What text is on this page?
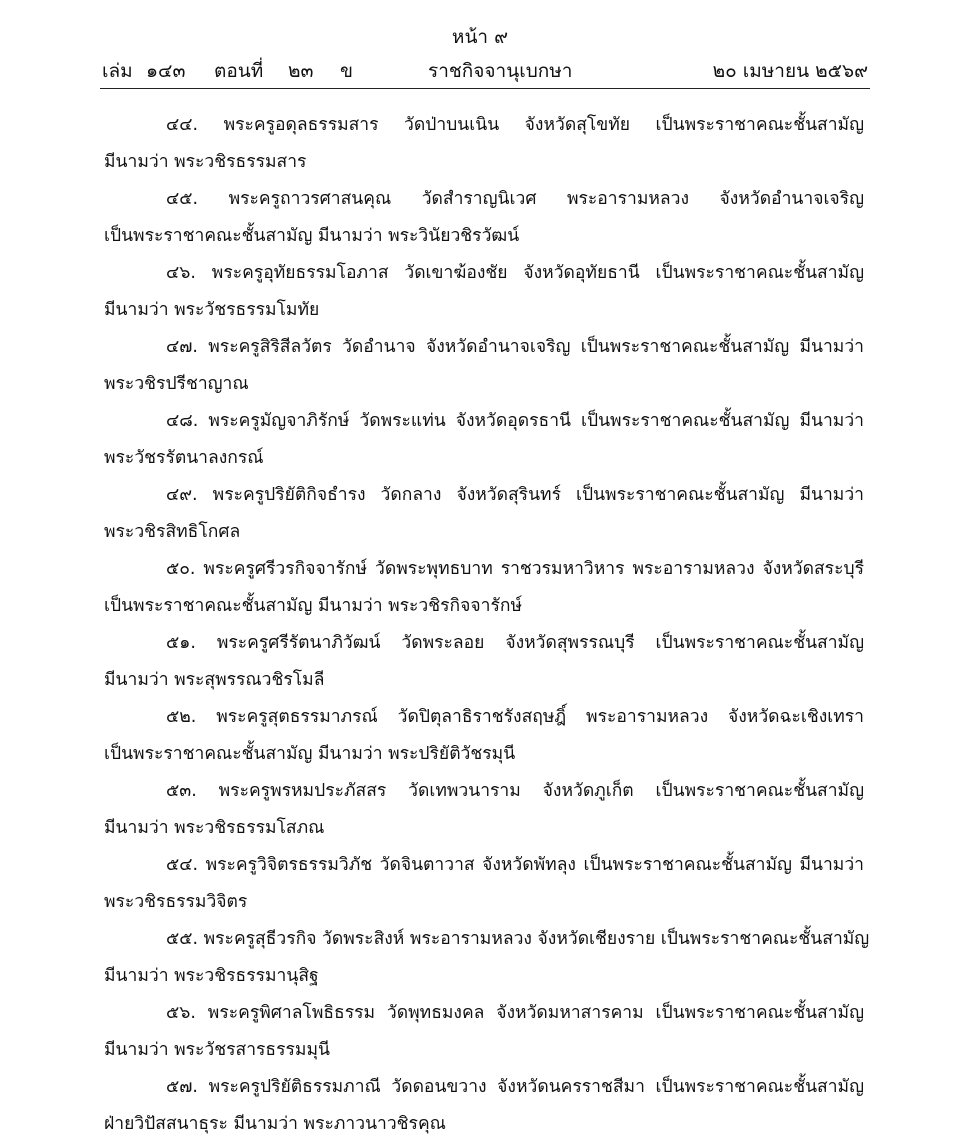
หน้า ๙
เล่ม ๑๔๓ ตอนที่ ๒๓ ข	ราชกิจจานุเบกษา	๒๐ เมษายน ๒๕๖๙
๔๔. พระครูอดุลธรรมสาร วัดป่าบนเนิน จังหวัดสุโขทัย เป็นพระราชาคณะชั้นสามัญ
มีนามว่า พระวชิรธรรมสาร
๔๕. พระครูถาวรศาสนคุณ วัดสำราญนิเวศ พระอารามหลวง จังหวัดอำนาจเจริญ
เป็นพระราชาคณะชั้นสามัญ มีนามว่า พระวินัยวชิรวัฒน์
๔๖. พระครูอุทัยธรรมโอภาส วัดเขาฆ้องชัย จังหวัดอุทัยธานี เป็นพระราชาคณะชั้นสามัญ
มีนามว่า พระวัชรธรรมโมทัย
๔๗. พระครูสิริสีลวัตร วัดอำนาจ จังหวัดอำนาจเจริญ เป็นพระราชาคณะชั้นสามัญ มีนามว่า
พระวชิรปรีชาญาณ
๔๘. พระครูมัญจาภิรักษ์ วัดพระแท่น จังหวัดอุดรธานี เป็นพระราชาคณะชั้นสามัญ มีนามว่า
พระวัชรรัตนาลงกรณ์
๔๙. พระครูปริยัติกิจธำรง วัดกลาง จังหวัดสุรินทร์ เป็นพระราชาคณะชั้นสามัญ มีนามว่า
พระวชิรสิทธิโกศล
๕๐. พระครูศรีวรกิจจารักษ์ วัดพระพุทธบาท ราชวรมหาวิหาร พระอารามหลวง จังหวัดสระบุรี
เป็นพระราชาคณะชั้นสามัญ มีนามว่า พระวชิรกิจจารักษ์
๕๑. พระครูศรีรัตนาภิวัฒน์ วัดพระลอย จังหวัดสุพรรณบุรี เป็นพระราชาคณะชั้นสามัญ
มีนามว่า พระสุพรรณวชิรโมลี
๕๒. พระครูสุตธรรมาภรณ์ วัดปิตุลาธิราชรังสฤษฎิ์ พระอารามหลวง จังหวัดฉะเชิงเทรา
เป็นพระราชาคณะชั้นสามัญ มีนามว่า พระปริยัติวัชรมุนี
๕๓. พระครูพรหมประภัสสร วัดเทพวนาราม จังหวัดภูเก็ต เป็นพระราชาคณะชั้นสามัญ
มีนามว่า พระวชิรธรรมโสภณ
๕๔. พระครูวิจิตรธรรมวิภัช วัดจินตาวาส จังหวัดพัทลุง เป็นพระราชาคณะชั้นสามัญ มีนามว่า
พระวชิรธรรมวิจิตร
๕๕. พระครูสุธีวรกิจ วัดพระสิงห์ พระอารามหลวง จังหวัดเชียงราย เป็นพระราชาคณะชั้นสามัญ
มีนามว่า พระวชิรธรรมานุสิฐ
๕๖. พระครูพิศาลโพธิธรรม วัดพุทธมงคล จังหวัดมหาสารคาม เป็นพระราชาคณะชั้นสามัญ
มีนามว่า พระวัชรสารธรรมมุนี
๕๗. พระครูปริยัติธรรมภาณี วัดดอนขวาง จังหวัดนครราชสีมา เป็นพระราชาคณะชั้นสามัญ
ฝ่ายวิปัสสนาธุระ มีนามว่า พระภาวนาวชิรคุณ
